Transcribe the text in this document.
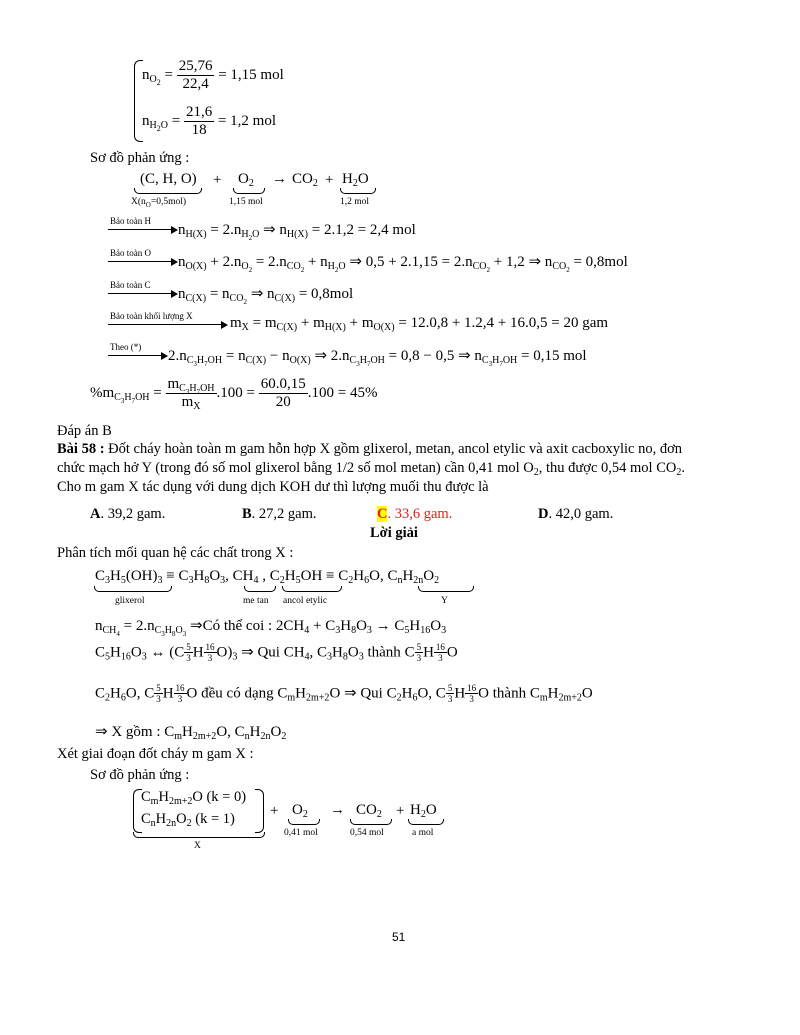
$n_{O_2} = \frac{25,76}{22,4} = 1,15$ mol
$n_{H_2O} = \frac{21,6}{18} = 1,2$ mol
Sơ đồ phản ứng :
(C, H, O)
$X(n_O=0,5mol)$
+ $O_2$
1,15 mol
→ $CO_2 + H_2O$
1,2 mol
Bảo toàn H
$n_{H(X)} = 2.n_{H_2O}$ ⇒ $n_{H(X)} = 2.1,2 = 2,4$ mol
Bảo toàn O
$n_{O(X)} + 2.n_{O_2} = 2.n_{CO_2} + n_{H_2O}$ ⇒ $0,5 + 2.1,15 = 2.n_{CO_2} + 1,2$ ⇒ $n_{CO_2} = 0,8mol$
Bảo toàn C
$n_{C(X)} = n_{CO_2}$ ⇒ $n_{C(X)} = 0,8mol$
Bảo toàn khối lượng X $m_X = m_{C(X)} + m_{H(X)} + m_{O(X)} = 12.0,8 + 1.2,4 + 16.0,5 = 20$ gam
Theo (*)
$2.n_{C_3H_7OH} = n_{C(X)} - n_{O(X)}$ ⇒ $2.n_{C_3H_7OH} = 0,8 - 0,5$ ⇒ $n_{C_3H_7OH} = 0,15$ mol
$\%m_{C_3H_7OH} = \frac{m_{C_3H_7OH}}{m_X} .100 = \frac{60.0,15}{20} .100 = 45\%$
Đáp án B
Bài 58 : Đốt cháy hoàn toàn m gam hỗn hợp X gồm glixerol, metan, ancol etylic và axit cacboxylic no, đơn
chức mạch hở Y (trong đó số mol glixerol bằng 1/2 số mol metan) cần 0,41 mol $O_2$, thu được 0,54 mol $CO_2$.
Cho m gam X tác dụng với dung dịch KOH dư thì lượng muối thu được là
A. 39,2 gam.	B. 27,2 gam.	C. 33,6 gam.	D. 42,0 gam.
Lời giải
Phân tích mối quan hệ các chất trong X :
$C_3H_5(OH)_3 \equiv C_3H_8O_3$, $CH_4$ , $C_2H_5OH \equiv C_2H_6O$, $C_nH_{2n}O_2$
glixerol	me tan ancol etylic	Y
$n_{CH_4} = 2.n_{C_3H_8O_3}$ ⇒Có thể coi : $2CH_4 + C_3H_8O_3 \to C_5H_{16}O_3$
$C_5H_{16}O_3$ ↔ ($C \frac{5}{3}$ H $\frac{16}{3} O)_3$ ⇒ Qui $CH_4$, $C_3H_8O_3$ thành C $\frac{5}{3}$ H $\frac{16}{3}$ O
$C_2H_6O$, C $\frac{5}{3}$ H $\frac{16}{3}$ O đều có dạng $C_mH_{2m+2}O$ ⇒ Qui $C_2H_6O$, C $\frac{5}{3}$ H $\frac{16}{3}$ O thành $C_mH_{2m+2}O$
⇒ X gồm : $C_mH_{2m+2}O$, $C_nH_{2n}O_2$
Xét giai đoạn đốt cháy m gam X :
Sơ đồ phản ứng :
$C_mH_{2m+2}O$ (k = 0)
$C_nH_{2n}O_2$ (k = 1)
X
+ $O_2$
0,41 mol
→ $CO_2$
0,54 mol
+ $H_2O$
a mol
51
